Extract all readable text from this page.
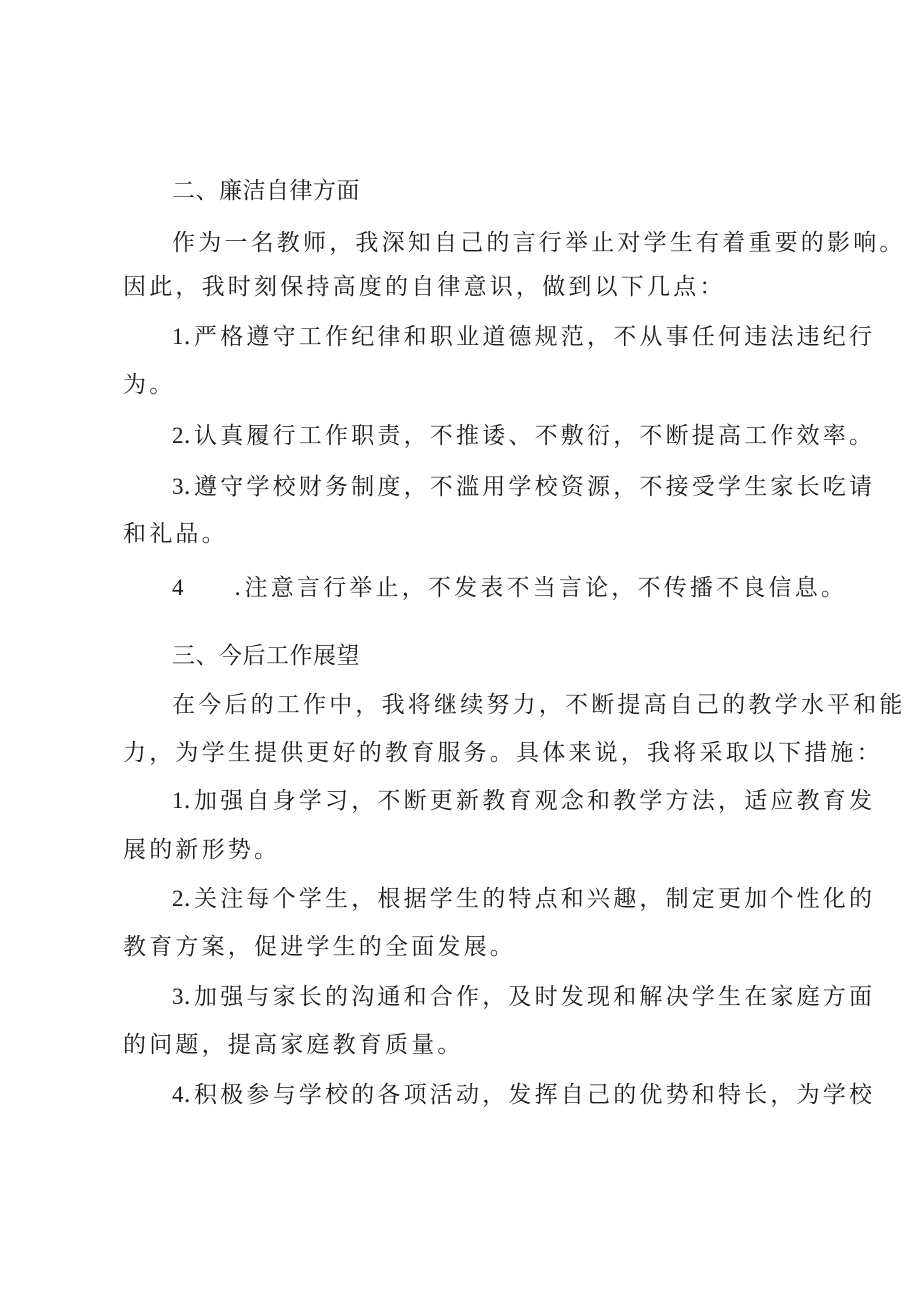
二、廉洁自律方面
作为一名教师，我深知自己的言行举止对学生有着重要的影响。
因此，我时刻保持高度的自律意识，做到以下几点：
1.严格遵守工作纪律和职业道德规范，不从事任何违法违纪行
为。
2.认真履行工作职责，不推诿、不敷衍，不断提高工作效率。
3.遵守学校财务制度，不滥用学校资源，不接受学生家长吃请
和礼品。
4 .注意言行举止，不发表不当言论，不传播不良信息。
三、今后工作展望
在今后的工作中，我将继续努力，不断提高自己的教学水平和能
力，为学生提供更好的教育服务。具体来说，我将采取以下措施：
1.加强自身学习，不断更新教育观念和教学方法，适应教育发
展的新形势。
2.关注每个学生，根据学生的特点和兴趣，制定更加个性化的
教育方案，促进学生的全面发展。
3.加强与家长的沟通和合作，及时发现和解决学生在家庭方面
的问题，提高家庭教育质量。
4.积极参与学校的各项活动，发挥自己的优势和特长，为学校
